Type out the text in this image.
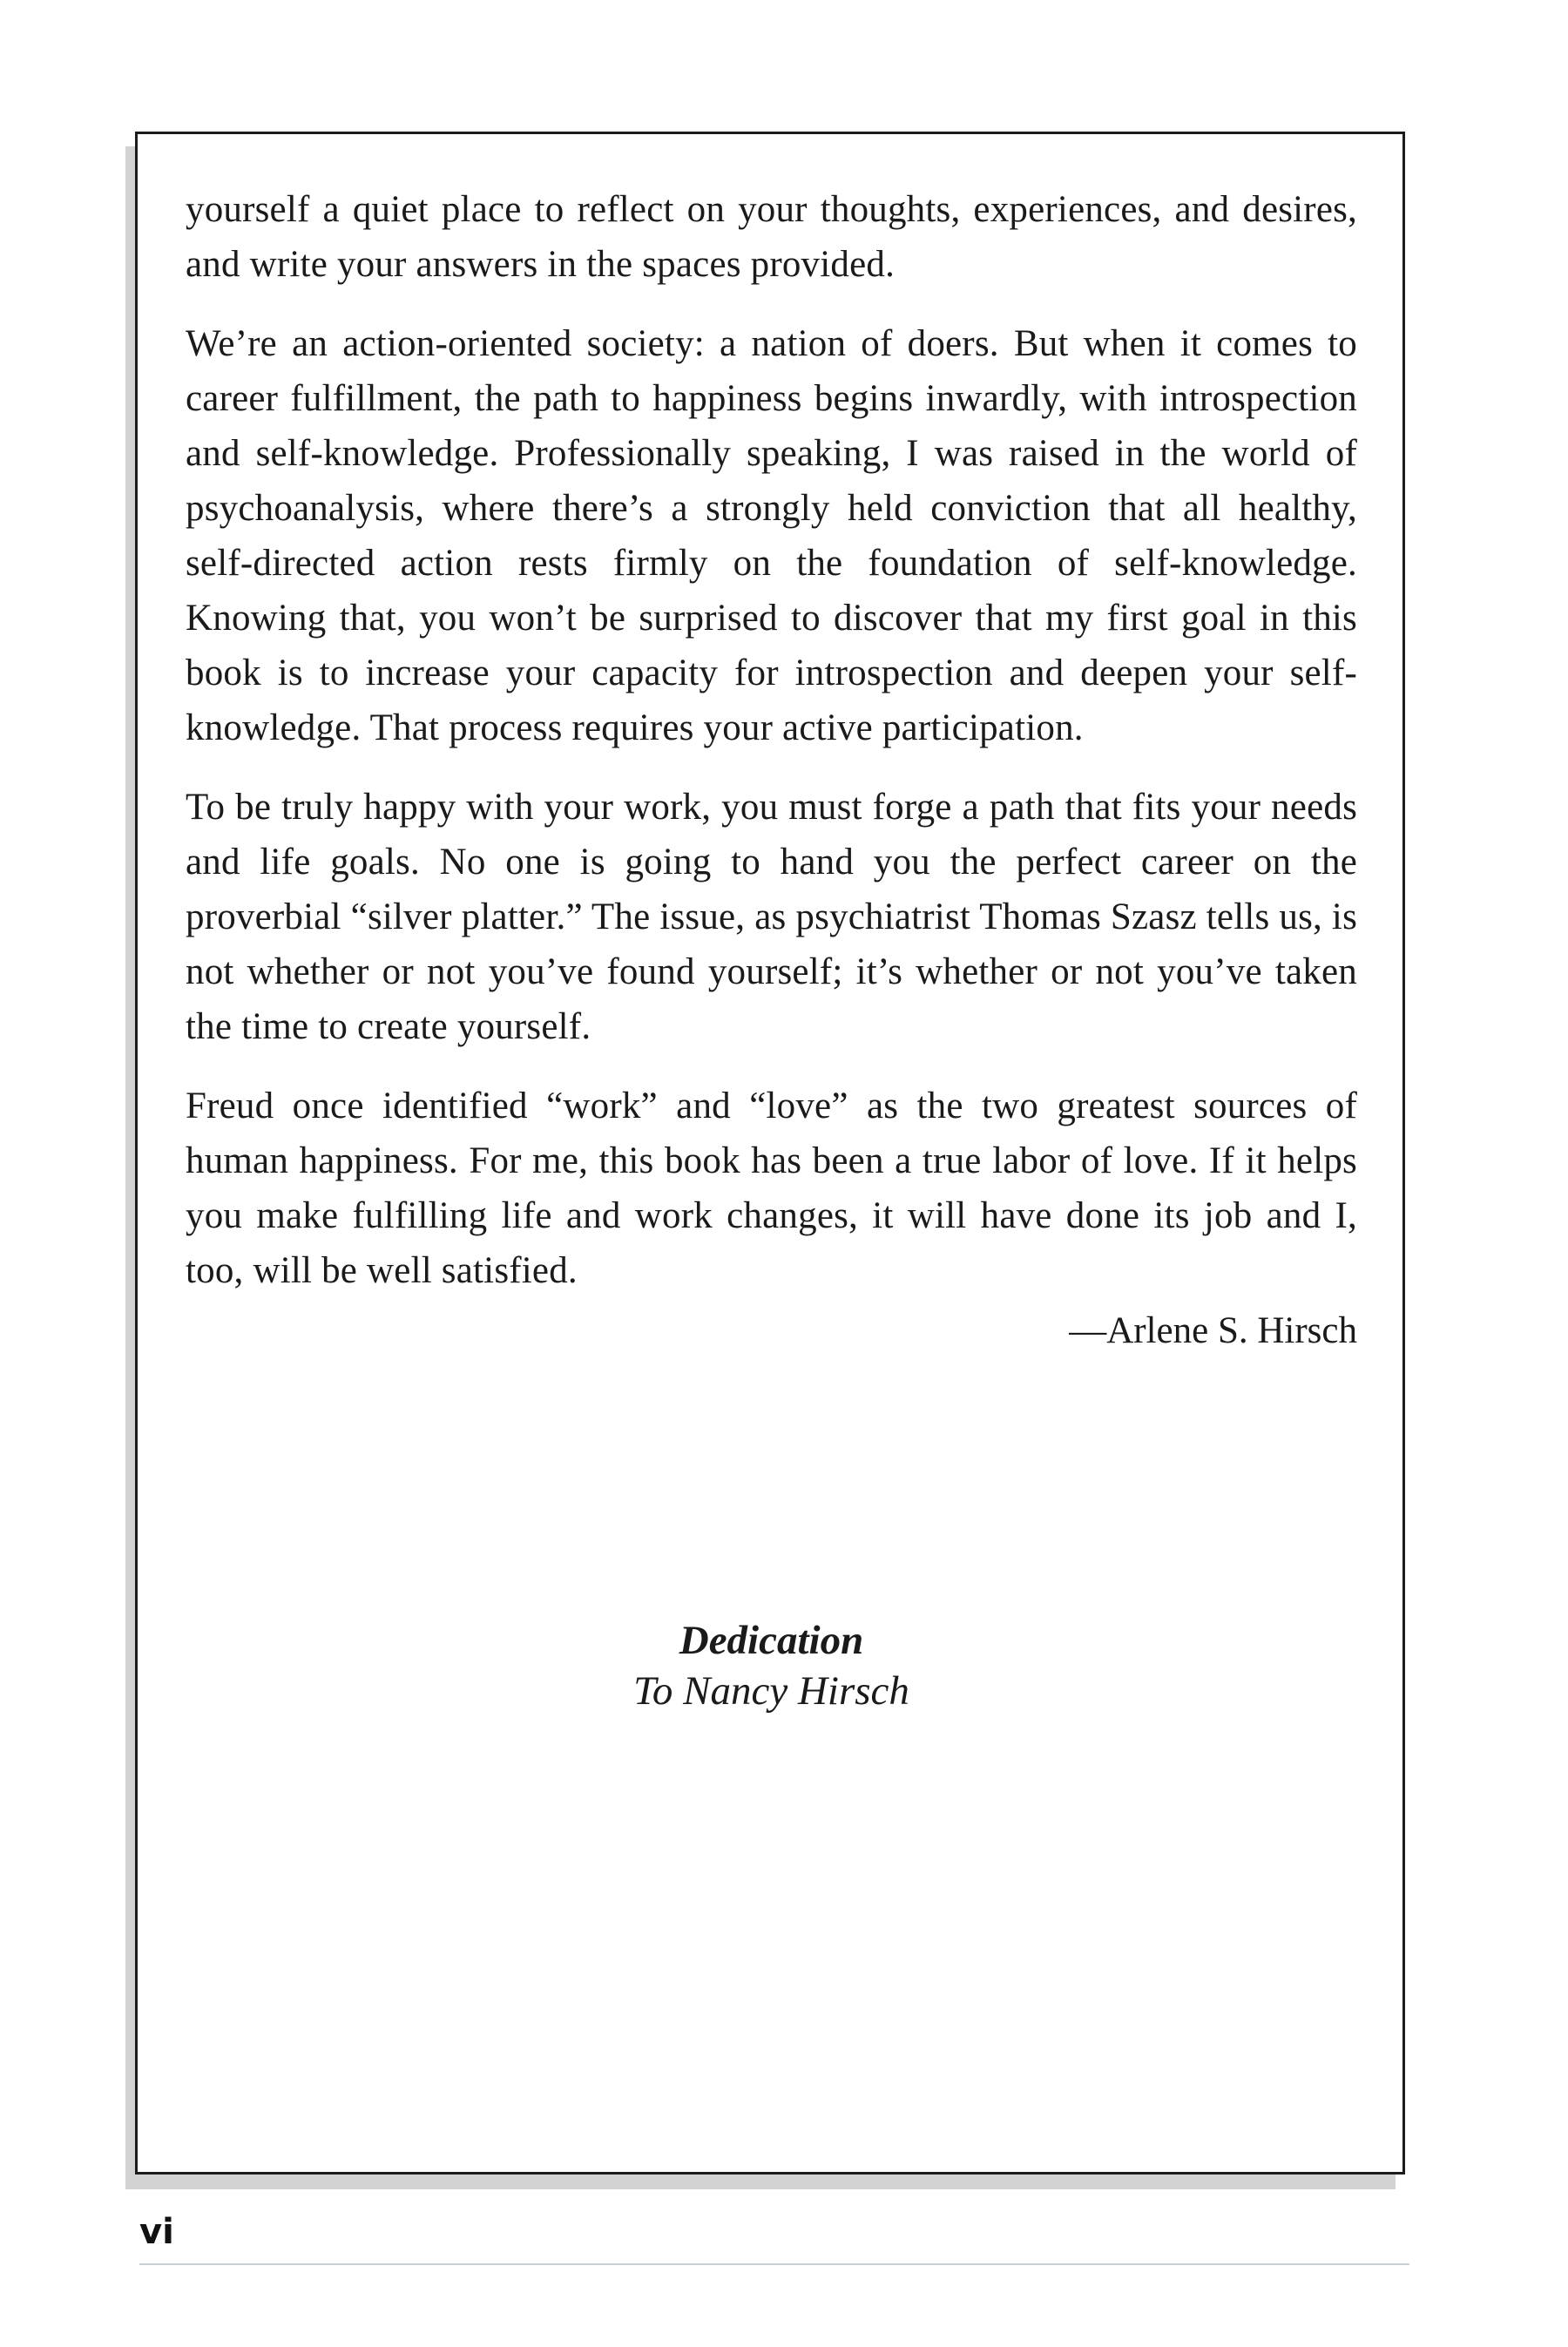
yourself a quiet place to reflect on your thoughts, experiences, and desires, and write your answers in the spaces provided.

We’re an action-oriented society: a nation of doers. But when it comes to career fulfillment, the path to happiness begins inwardly, with introspection and self-knowledge. Professionally speaking, I was raised in the world of psychoanalysis, where there’s a strongly held conviction that all healthy, self-directed action rests firmly on the foundation of self-knowledge. Knowing that, you won’t be surprised to discover that my first goal in this book is to increase your capacity for introspection and deepen your self-knowledge. That process requires your active participation.

To be truly happy with your work, you must forge a path that fits your needs and life goals. No one is going to hand you the perfect career on the proverbial “silver platter.” The issue, as psychiatrist Thomas Szasz tells us, is not whether or not you’ve found yourself; it’s whether or not you’ve taken the time to create yourself.

Freud once identified “work” and “love” as the two greatest sources of human happiness. For me, this book has been a true labor of love. If it helps you make fulfilling life and work changes, it will have done its job and I, too, will be well satisfied.

—Arlene S. Hirsch

Dedication

To Nancy Hirsch

vi
